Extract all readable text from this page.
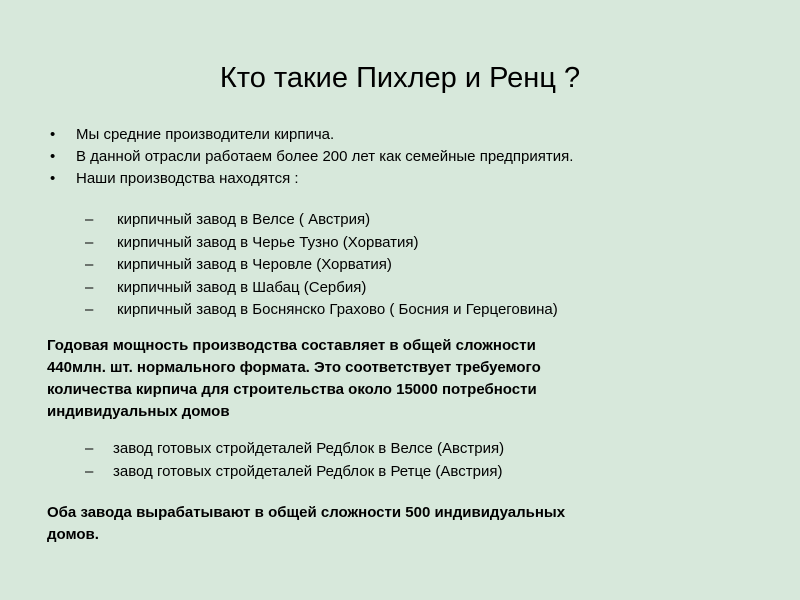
Кто такие Пихлер и Ренц ?
•	Мы средние производители кирпича.
•	В данной отрасли работаем более 200 лет как семейные предприятия.
•	Наши производства находятся :
–	кирпичный завод в Велсе ( Австрия)
–	кирпичный завод в Черье Тузно (Хорватия)
–	кирпичный завод в Чеpовле (Хорватия)
–	кирпичный завод в Шабац (Сербия)
–	кирпичный завод в Боснянско Грахово ( Босния и Герцеговина)
Годовая мощность производства составляет в общей сложности
440млн. шт. нормального формата. Это соответствует требуемого
количества кирпича для строительства около 15000 потребности
индивидуальных домов
–	завод готовых стройдеталей Редблок в Велсе (Австрия)
–	завод готовых стройдеталей Редблок в Ретце (Австрия)
Оба завода вырабатывают в общей сложности 500 индивидуальных
домов.
